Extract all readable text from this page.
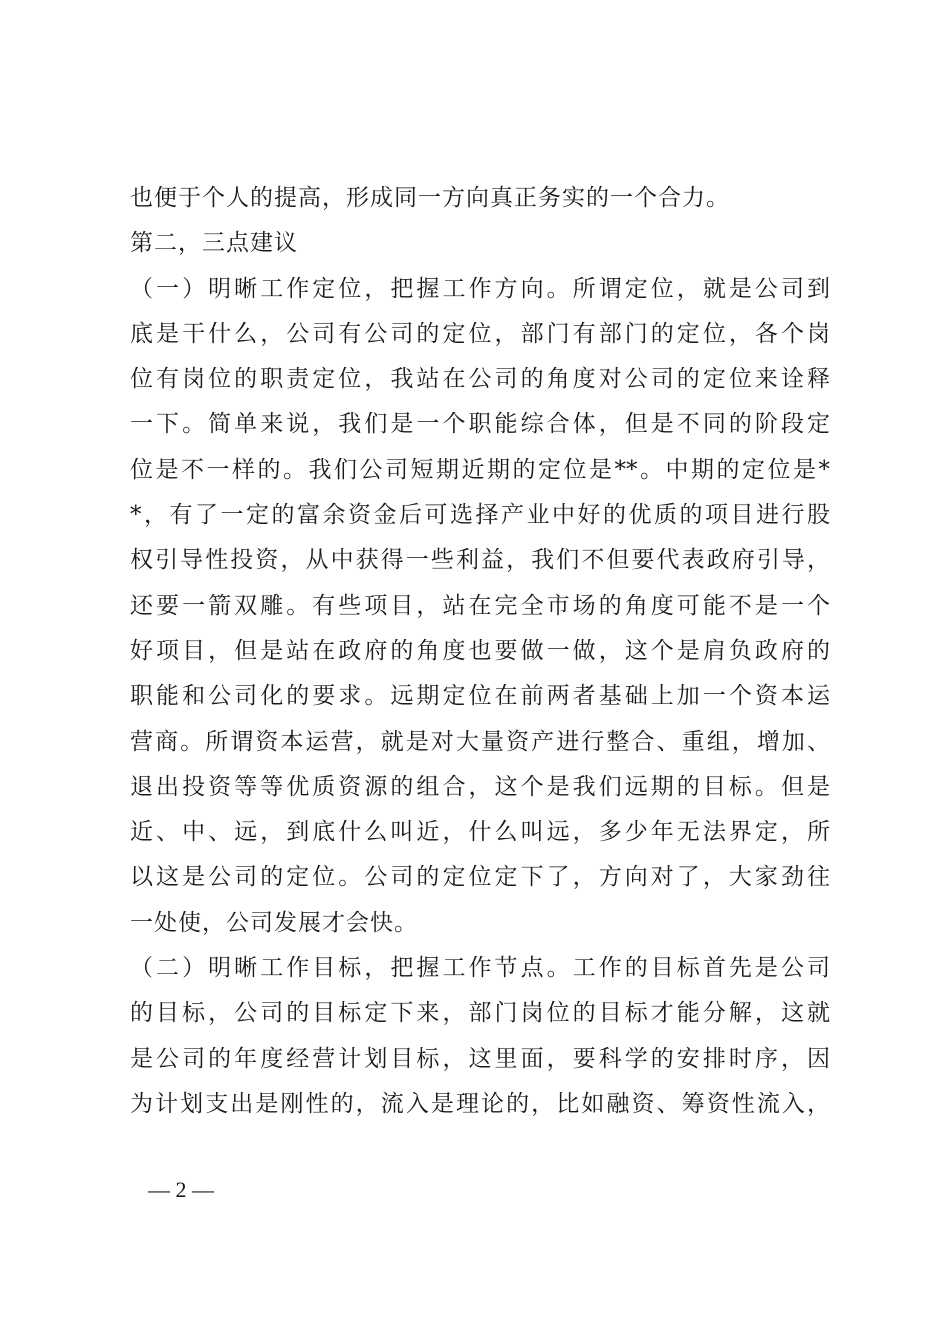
也便于个人的提高，形成同一方向真正务实的一个合力。
第二，三点建议
（一）明晰工作定位，把握工作方向。所谓定位，就是公司到
底是干什么，公司有公司的定位，部门有部门的定位，各个岗
位有岗位的职责定位，我站在公司的角度对公司的定位来诠释
一下。简单来说，我们是一个职能综合体，但是不同的阶段定
位是不一样的。我们公司短期近期的定位是**。中期的定位是*
*，有了一定的富余资金后可选择产业中好的优质的项目进行股
权引导性投资，从中获得一些利益，我们不但要代表政府引导，
还要一箭双雕。有些项目，站在完全市场的角度可能不是一个
好项目，但是站在政府的角度也要做一做，这个是肩负政府的
职能和公司化的要求。远期定位在前两者基础上加一个资本运
营商。所谓资本运营，就是对大量资产进行整合、重组，增加、
退出投资等等优质资源的组合，这个是我们远期的目标。但是
近、中、远，到底什么叫近，什么叫远，多少年无法界定，所
以这是公司的定位。公司的定位定下了，方向对了，大家劲往
一处使，公司发展才会快。
（二）明晰工作目标，把握工作节点。工作的目标首先是公司
的目标，公司的目标定下来，部门岗位的目标才能分解，这就
是公司的年度经营计划目标，这里面，要科学的安排时序，因
为计划支出是刚性的，流入是理论的，比如融资、筹资性流入，
— 2 —
